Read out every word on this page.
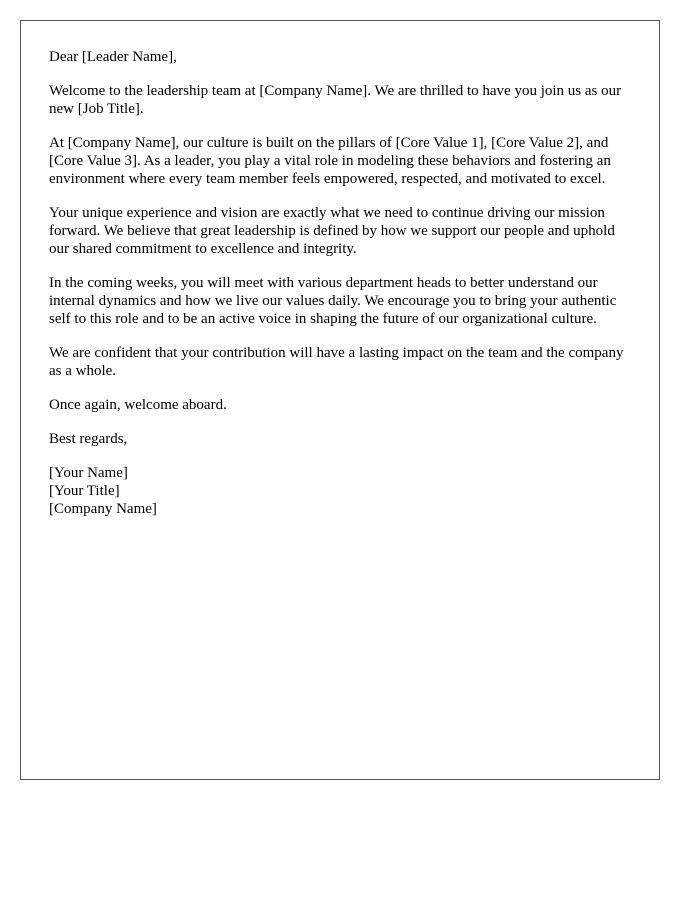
Dear [Leader Name],

Welcome to the leadership team at [Company Name]. We are thrilled to have you join us as our new [Job Title].

At [Company Name], our culture is built on the pillars of [Core Value 1], [Core Value 2], and [Core Value 3]. As a leader, you play a vital role in modeling these behaviors and fostering an environment where every team member feels empowered, respected, and motivated to excel.

Your unique experience and vision are exactly what we need to continue driving our mission forward. We believe that great leadership is defined by how we support our people and uphold our shared commitment to excellence and integrity.

In the coming weeks, you will meet with various department heads to better understand our internal dynamics and how we live our values daily. We encourage you to bring your authentic self to this role and to be an active voice in shaping the future of our organizational culture.

We are confident that your contribution will have a lasting impact on the team and the company as a whole.

Once again, welcome aboard.

Best regards,

[Your Name]
[Your Title]
[Company Name]
